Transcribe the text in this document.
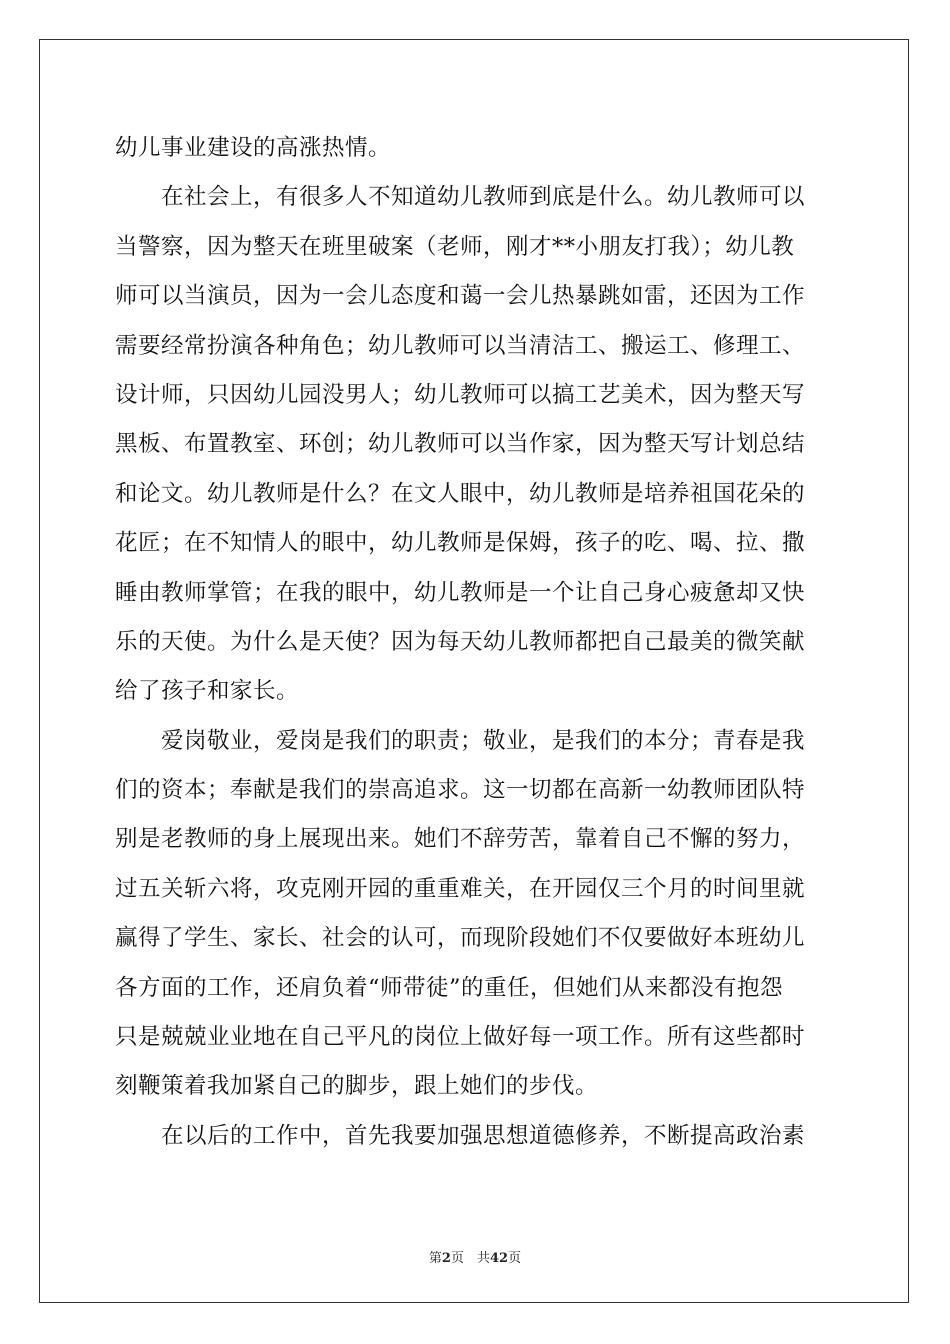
幼儿事业建设的高涨热情。
　　在社会上，有很多人不知道幼儿教师到底是什么。幼儿教师可以
当警察，因为整天在班里破案（老师，刚才**小朋友打我）；幼儿教
师可以当演员，因为一会儿态度和蔼一会儿热暴跳如雷，还因为工作
需要经常扮演各种角色；幼儿教师可以当清洁工、搬运工、修理工、
设计师，只因幼儿园没男人；幼儿教师可以搞工艺美术，因为整天写
黑板、布置教室、环创；幼儿教师可以当作家，因为整天写计划总结
和论文。幼儿教师是什么？在文人眼中，幼儿教师是培养祖国花朵的
花匠；在不知情人的眼中，幼儿教师是保姆，孩子的吃、喝、拉、撒
睡由教师掌管；在我的眼中，幼儿教师是一个让自己身心疲惫却又快
乐的天使。为什么是天使？因为每天幼儿教师都把自己最美的微笑献
给了孩子和家长。
　　爱岗敬业，爱岗是我们的职责；敬业，是我们的本分；青春是我
们的资本；奉献是我们的崇高追求。这一切都在高新一幼教师团队特
别是老教师的身上展现出来。她们不辞劳苦，靠着自己不懈的努力，
过五关斩六将，攻克刚开园的重重难关，在开园仅三个月的时间里就
赢得了学生、家长、社会的认可，而现阶段她们不仅要做好本班幼儿
各方面的工作，还肩负着“师带徒”的重任，但她们从来都没有抱怨
只是兢兢业业地在自己平凡的岗位上做好每一项工作。所有这些都时
刻鞭策着我加紧自己的脚步，跟上她们的步伐。
　　在以后的工作中，首先我要加强思想道德修养，不断提高政治素
第2页　共42页
